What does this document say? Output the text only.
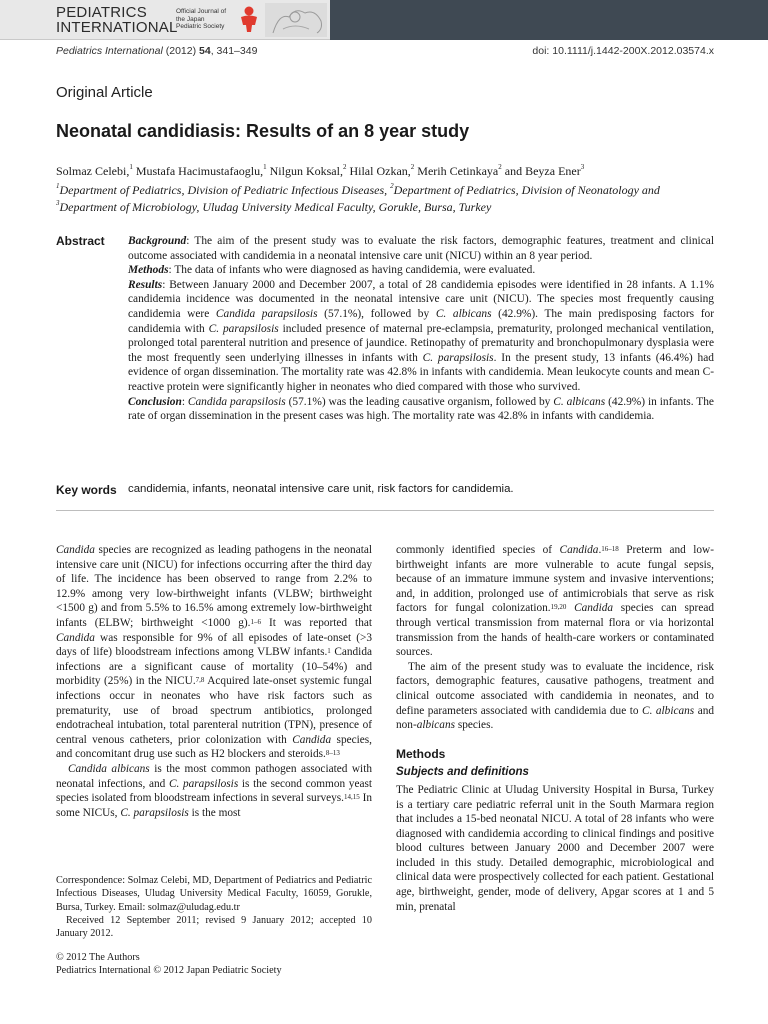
PEDIATRICS
INTERNATIONAL
Official Journal of
the Japan
Pediatric Society
Pediatrics International (2012) 54, 341–349	doi: 10.1111/j.1442-200X.2012.03574.x
Original Article
Neonatal candidiasis: Results of an 8 year study
Solmaz Celebi,$^1$ Mustafa Hacimustafaoglu,$^1$ Nilgun Koksal,$^2$ Hilal Ozkan,$^2$ Merih Cetinkaya$^2$ and Beyza Ener$^3$
$^1$Department of Pediatrics, Division of Pediatric Infectious Diseases, $^2$Department of Pediatrics, Division of Neonatology and
$^3$Department of Microbiology, Uludag University Medical Faculty, Gorukle, Bursa, Turkey
Abstract Background: The aim of the present study was to evaluate the risk factors, demographic features, treatment and clinical outcome associated with candidemia in a neonatal intensive care unit (NICU) within an 8 year period.

Methods: The data of infants who were diagnosed as having candidemia, were evaluated.

Results: Between January 2000 and December 2007, a total of 28 candidemia episodes were identified in 28 infants. A 1.1% candidemia incidence was documented in the neonatal intensive care unit (NICU). The species most frequently causing candidemia were Candida parapsilosis (57.1%), followed by C. albicans (42.9%). The main predisposing factors for candidemia with C. parapsilosis included presence of maternal pre-eclampsia, prematurity, prolonged mechanical ventilation, prolonged total parenteral nutrition and presence of jaundice. Retinopathy of prematurity and bronchopulmonary dysplasia were the most frequently seen underlying illnesses in infants with C. parapsilosis. In the present study, 13 infants (46.4%) had evidence of organ dissemination. The mortality rate was 42.8% in infants with candidemia. Mean leukocyte counts and mean C-reactive protein were significantly higher in neonates who died compared with those who survived.

Conclusion: Candida parapsilosis (57.1%) was the leading causative organism, followed by C. albicans (42.9%) in infants. The rate of organ dissemination in the present cases was high. The mortality rate was 42.8% in infants with candidemia.

Key words candidemia, infants, neonatal intensive care unit, risk factors for candidemia.

Candida species are recognized as leading pathogens in the neonatal intensive care unit (NICU) for infections occurring after the third day of life. The incidence has been observed to range from 2.2% to 12.9% among very low-birthweight infants (VLBW; birthweight <1500 g) and from 5.5% to 16.5% among extremely low-birthweight infants (ELBW; birthweight <1000 g).$^{1-6}$ It was reported that Candida was responsible for 9% of all episodes of late-onset (>3 days of life) bloodstream infections among VLBW infants.$^1$ Candida infections are a significant cause of mortality (10–54%) and morbidity (25%) in the NICU.$^{7,8}$ Acquired late-onset systemic fungal infections occur in neonates who have risk factors such as prematurity, use of broad spectrum antibiotics, prolonged endotracheal intubation, total parenteral nutrition (TPN), presence of central venous catheters, prior colonization with Candida species, and concomitant drug use such as H2 blockers and steroids.$^{8-13}$

Candida albicans is the most common pathogen associated with neonatal infections, and C. parapsilosis is the second common yeast species isolated from bloodstream infections in several surveys.$^{14,15}$ In some NICUs, C. parapsilosis is the most

commonly identified species of Candida.$^{16-18}$ Preterm and low-birthweight infants are more vulnerable to acute fungal sepsis, because of an immature immune system and invasive interventions; and, in addition, prolonged use of antimicrobials that serve as risk factors for fungal colonization.$^{19,20}$ Candida species can spread through vertical transmission from maternal flora or via horizontal transmission from the hands of health-care workers or contaminated sources.

The aim of the present study was to evaluate the incidence, risk factors, demographic features, causative pathogens, treatment and clinical outcome associated with candidemia in neonates, and to define parameters associated with candidemia due to C. albicans and non-albicans species.

Methods
Subjects and definitions

The Pediatric Clinic at Uludag University Hospital in Bursa, Turkey is a tertiary care pediatric referral unit in the South Marmara region that includes a 15-bed neonatal NICU. A total of 28 infants who were diagnosed with candidemia according to clinical findings and positive blood cultures between January 2000 and December 2007 were included in this study. Detailed demographic, microbiological and clinical data were prospectively collected for each patient. Gestational age, birthweight, gender, mode of delivery, Apgar scores at 1 and 5 min, prenatal

Correspondence: Solmaz Celebi, MD, Department of Pediatrics and Pediatric Infectious Diseases, Uludag University Medical Faculty, 16059, Gorukle, Bursa, Turkey. Email: solmaz@uludag.edu.tr

Received 12 September 2011; revised 9 January 2012; accepted 10 January 2012.

© 2012 The Authors
Pediatrics International © 2012 Japan Pediatric Society
